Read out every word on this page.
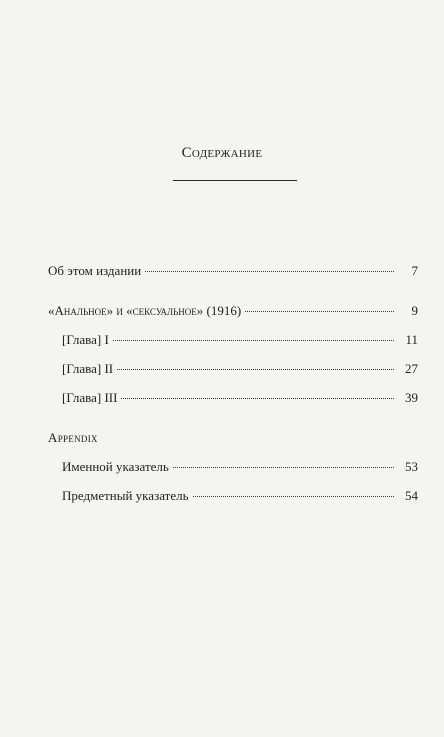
Содержание
Об этом издании	7
«Анальное» и «сексуальное» (1916)	9
[Глава] I	11
[Глава] II	27
[Глава] III	39
Appendix
Именной указатель	53
Предметный указатель	54
